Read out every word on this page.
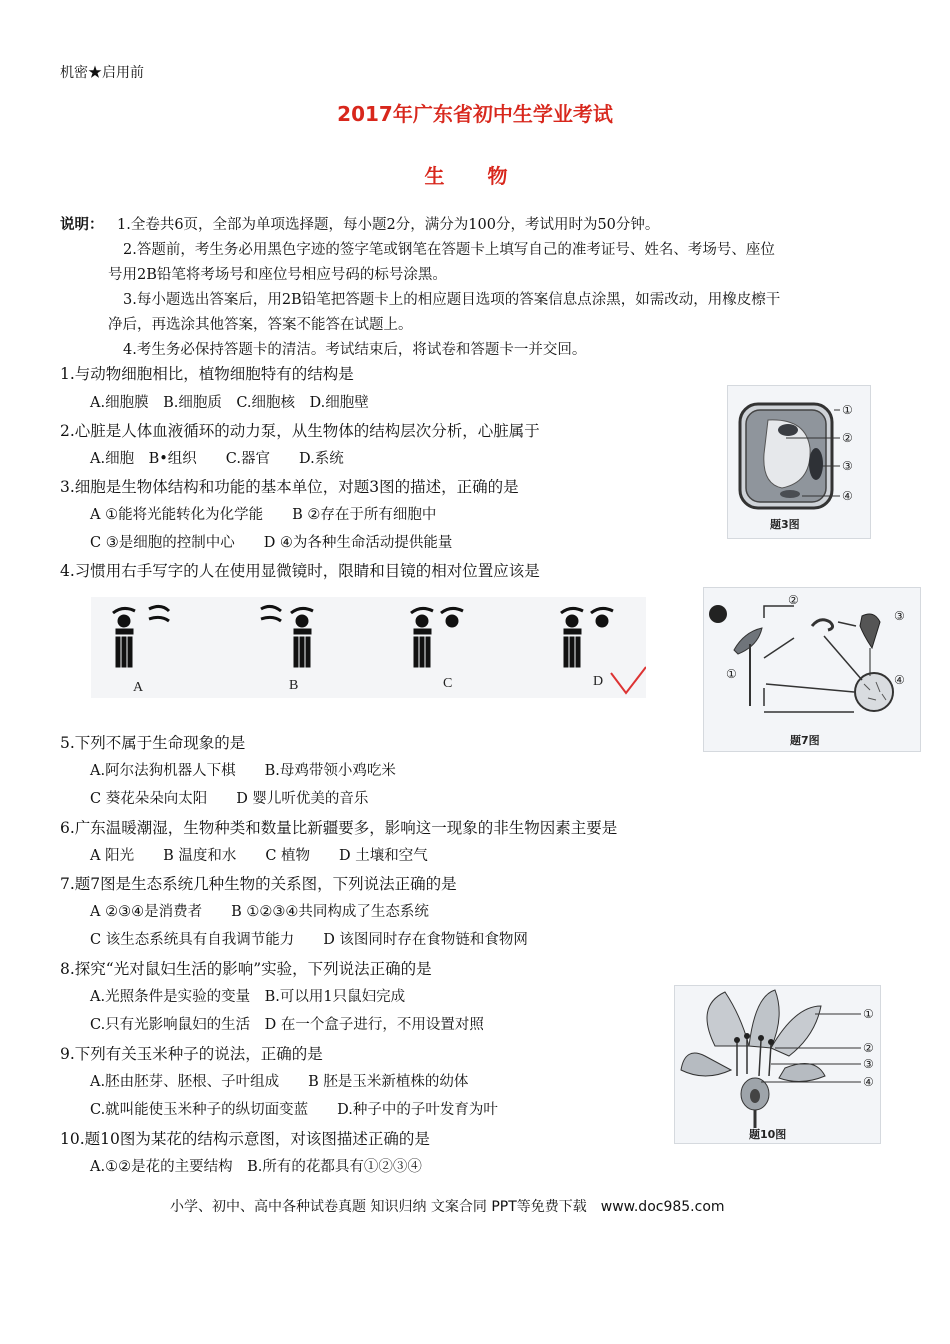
机密★启用前
2017年广东省初中生学业考试
生 物
说明： 1.全卷共6页，全部为单项选择题，每小题2分，满分为100分，考试用时为50分钟。
2.答题前，考生务必用黑色字迹的签字笔或钢笔在答题卡上填写自己的准考证号、姓名、考场号、座位
号用2B铅笔将考场号和座位号相应号码的标号涂黑。
3.每小题选出答案后，用2B铅笔把答题卡上的相应题目选项的答案信息点涂黑，如需改动，用橡皮檫干
净后，再选涂其他答案，答案不能答在试题上。
4.考生务必保持答题卡的清洁。考试结束后，将试卷和答题卡一并交回。
1.与动物细胞相比，植物细胞特有的结构是
A.细胞膜　B.细胞质　C.细胞核　D.细胞壁
2.心脏是人体血液循环的动力泵，从生物体的结构层次分析，心脏属于
A.细胞　B•组织　　C.器官　　D.系统
3.细胞是生物体结构和功能的基本单位，对题3图的描述，正确的是
A ①能将光能转化为化学能　　B ②存在于所有细胞中
C ③是细胞的控制中心　　D ④为各种生命活动提供能量
4.习惯用右手写字的人在使用显微镜时，限睛和目镜的相对位置应该是
A	B	C	D
5.下列不属于生命现象的是
A.阿尔法狗机器人下棋　　B.母鸡带领小鸡吃米
C 葵花朵朵向太阳　　D 婴儿听优美的音乐
6.广东温暖潮湿，生物种类和数量比新疆要多，影响这一现象的非生物因素主要是
A 阳光　　B 温度和水　　C 植物　　D 土壤和空气
7.题7图是生态系统几种生物的关系图，下列说法正确的是
A ②③④是消费者　　B ①②③④共同构成了生态系统
C 该生态系统具有自我调节能力　　D 该图同时存在食物链和食物网
8.探究“光对鼠妇生活的影响”实验，下列说法正确的是
A.光照条件是实验的变量　B.可以用1只鼠妇完成
C.只有光影响鼠妇的生活　D 在一个盒子进行，不用设置对照
9.下列有关玉米种子的说法，正确的是
A.胚由胚芽、胚根、子叶组成　　B 胚是玉米新植株的幼体
C.就叫能使玉米种子的纵切面变蓝　　D.种子中的子叶发育为叶
10.题10图为某花的结构示意图，对该图描述正确的是
A.①②是花的主要结构　B.所有的花都具有①②③④
①
②
③
④
题3图
①
②
③
④
题7图
①
②
③
④
题10图
小学、初中、高中各种试卷真题 知识归纳 文案合同 PPT等免费下载　www.doc985.com
